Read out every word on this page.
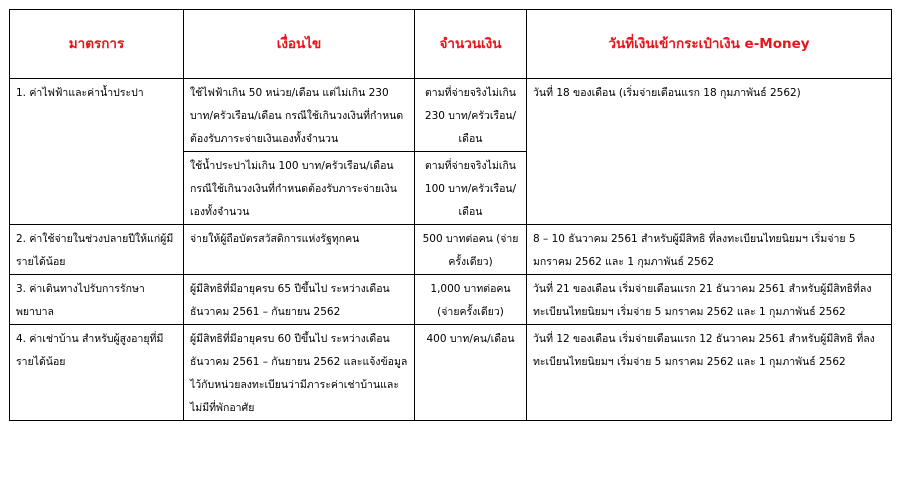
มาตรการ	เงื่อนไข	จำนวนเงิน	วันที่เงินเข้ากระเป๋าเงิน e-Money
1. ค่าไฟฟ้าและค่าน้ำประปา	ใช้ไฟฟ้าเกิน 50 หน่วย/เดือน แต่ไม่เกิน 230 บาท/ครัวเรือน/เดือน กรณีใช้เกินวงเงินที่กำหนดต้องรับภาระจ่ายเงินเองทั้งจำนวน	ตามที่จ่ายจริงไม่เกิน 230 บาท/ครัวเรือน/เดือน	วันที่ 18 ของเดือน (เริ่มจ่ายเดือนแรก 18 กุมภาพันธ์ 2562)
	ใช้น้ำประปาไม่เกิน 100 บาท/ครัวเรือน/เดือน กรณีใช้เกินวงเงินที่กำหนดต้องรับภาระจ่ายเงินเองทั้งจำนวน	ตามที่จ่ายจริงไม่เกิน 100 บาท/ครัวเรือน/เดือน	
2. ค่าใช้จ่ายในช่วงปลายปีให้แก่ผู้มีรายได้น้อย	จ่ายให้ผู้ถือบัตรสวัสดิการแห่งรัฐทุกคน	500 บาทต่อคน (จ่ายครั้งเดียว)	8 – 10 ธันวาคม 2561 สำหรับผู้มีสิทธิ ที่ลงทะเบียนไทยนิยมฯ เริ่มจ่าย 5 มกราคม 2562 และ 1 กุมภาพันธ์ 2562
3. ค่าเดินทางไปรับการรักษาพยาบาล	ผู้มีสิทธิที่มีอายุครบ 65 ปีขึ้นไป ระหว่างเดือนธันวาคม 2561 – กันยายน 2562	1,000 บาทต่อคน (จ่ายครั้งเดียว)	วันที่ 21 ของเดือน เริ่มจ่ายเดือนแรก 21 ธันวาคม 2561 สำหรับผู้มีสิทธิที่ลงทะเบียนไทยนิยมฯ เริ่มจ่าย 5 มกราคม 2562 และ 1 กุมภาพันธ์ 2562
4. ค่าเช่าบ้าน สำหรับผู้สูงอายุที่มีรายได้น้อย	ผู้มีสิทธิที่มีอายุครบ 60 ปีขึ้นไป ระหว่างเดือนธันวาคม 2561 – กันยายน 2562 และแจ้งข้อมูลไว้กับหน่วยลงทะเบียนว่ามีภาระค่าเช่าบ้านและไม่มีที่พักอาศัย	400 บาท/คน/เดือน	วันที่ 12 ของเดือน เริ่มจ่ายเดือนแรก 12 ธันวาคม 2561 สำหรับผู้มีสิทธิ ที่ลงทะเบียนไทยนิยมฯ เริ่มจ่าย 5 มกราคม 2562 และ 1 กุมภาพันธ์ 2562
